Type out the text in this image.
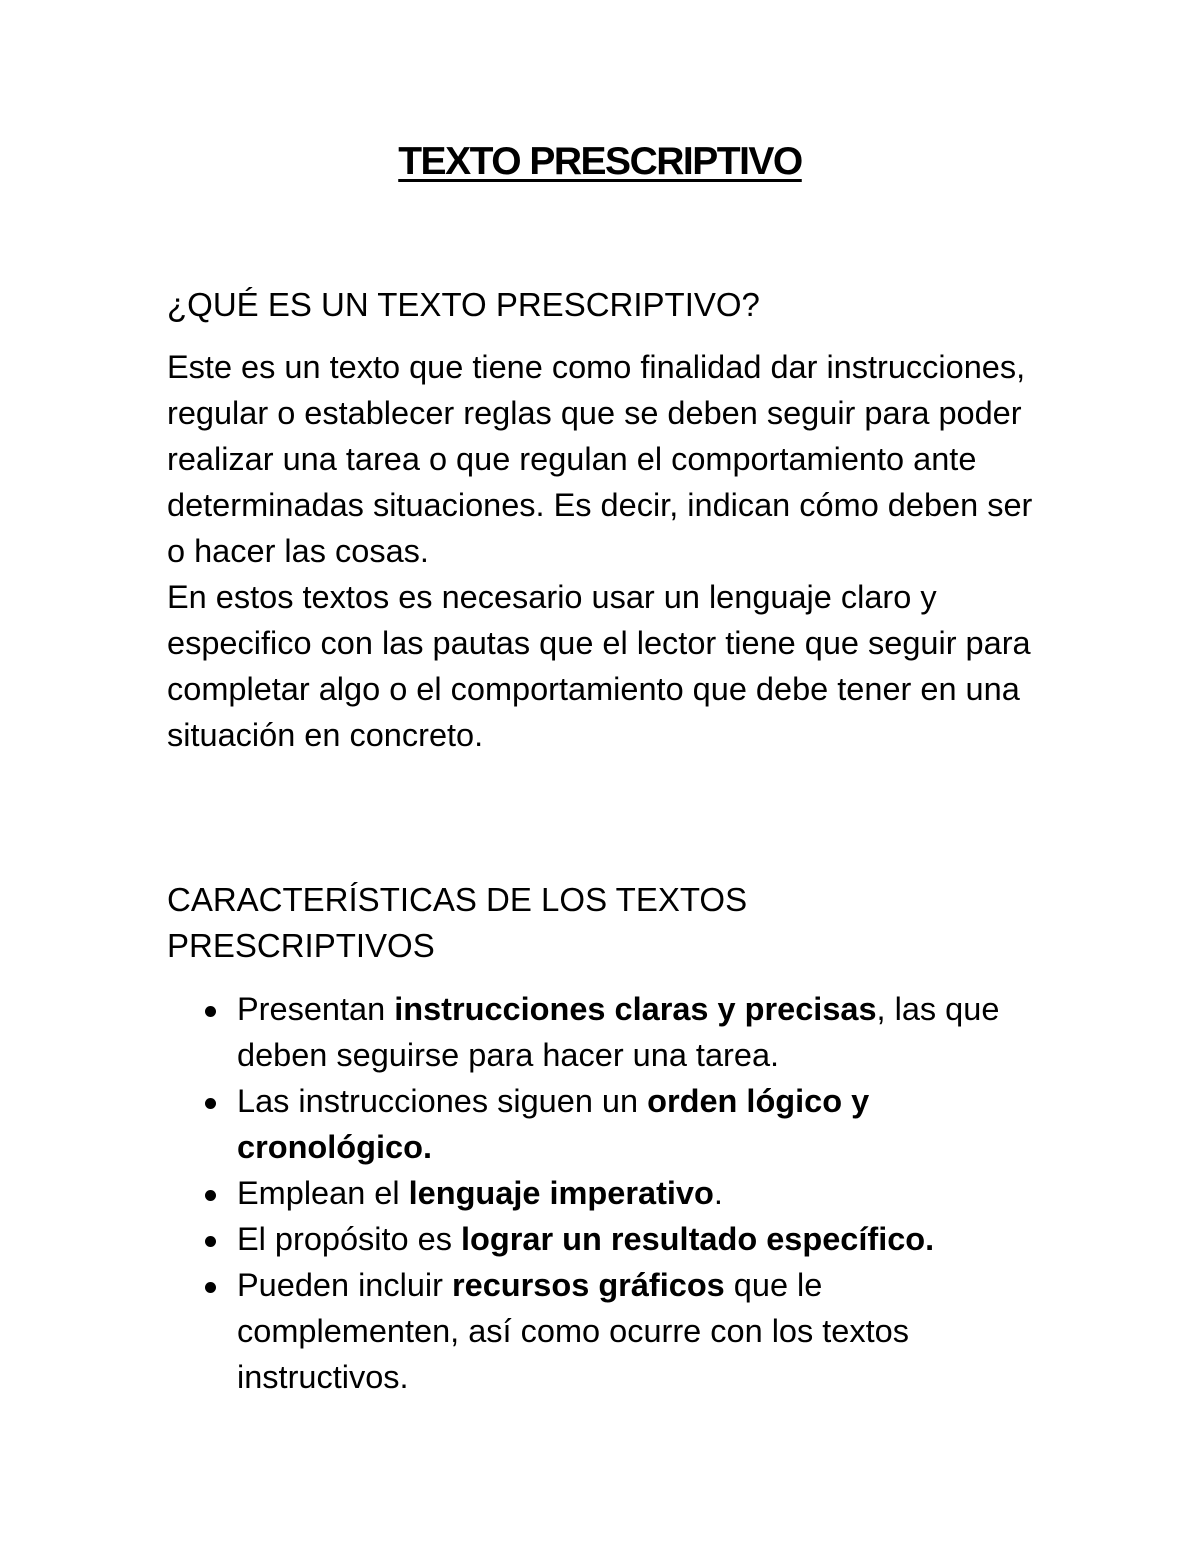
TEXTO PRESCRIPTIVO
¿QUÉ ES UN TEXTO PRESCRIPTIVO?

Este es un texto que tiene como finalidad dar instrucciones, regular o establecer reglas que se deben seguir para poder realizar una tarea o que regulan el comportamiento ante determinadas situaciones. Es decir, indican cómo deben ser o hacer las cosas.

En estos textos es necesario usar un lenguaje claro y especifico con las pautas que el lector tiene que seguir para completar algo o el comportamiento que debe tener en una situación en concreto.

CARACTERÍSTICAS DE LOS TEXTOS PRESCRIPTIVOS
Presentan instrucciones claras y precisas, las que deben seguirse para hacer una tarea.
Las instrucciones siguen un orden lógico y cronológico.
Emplean el lenguaje imperativo.
El propósito es lograr un resultado específico.
Pueden incluir recursos gráficos que le complementen, así como ocurre con los textos instructivos.
